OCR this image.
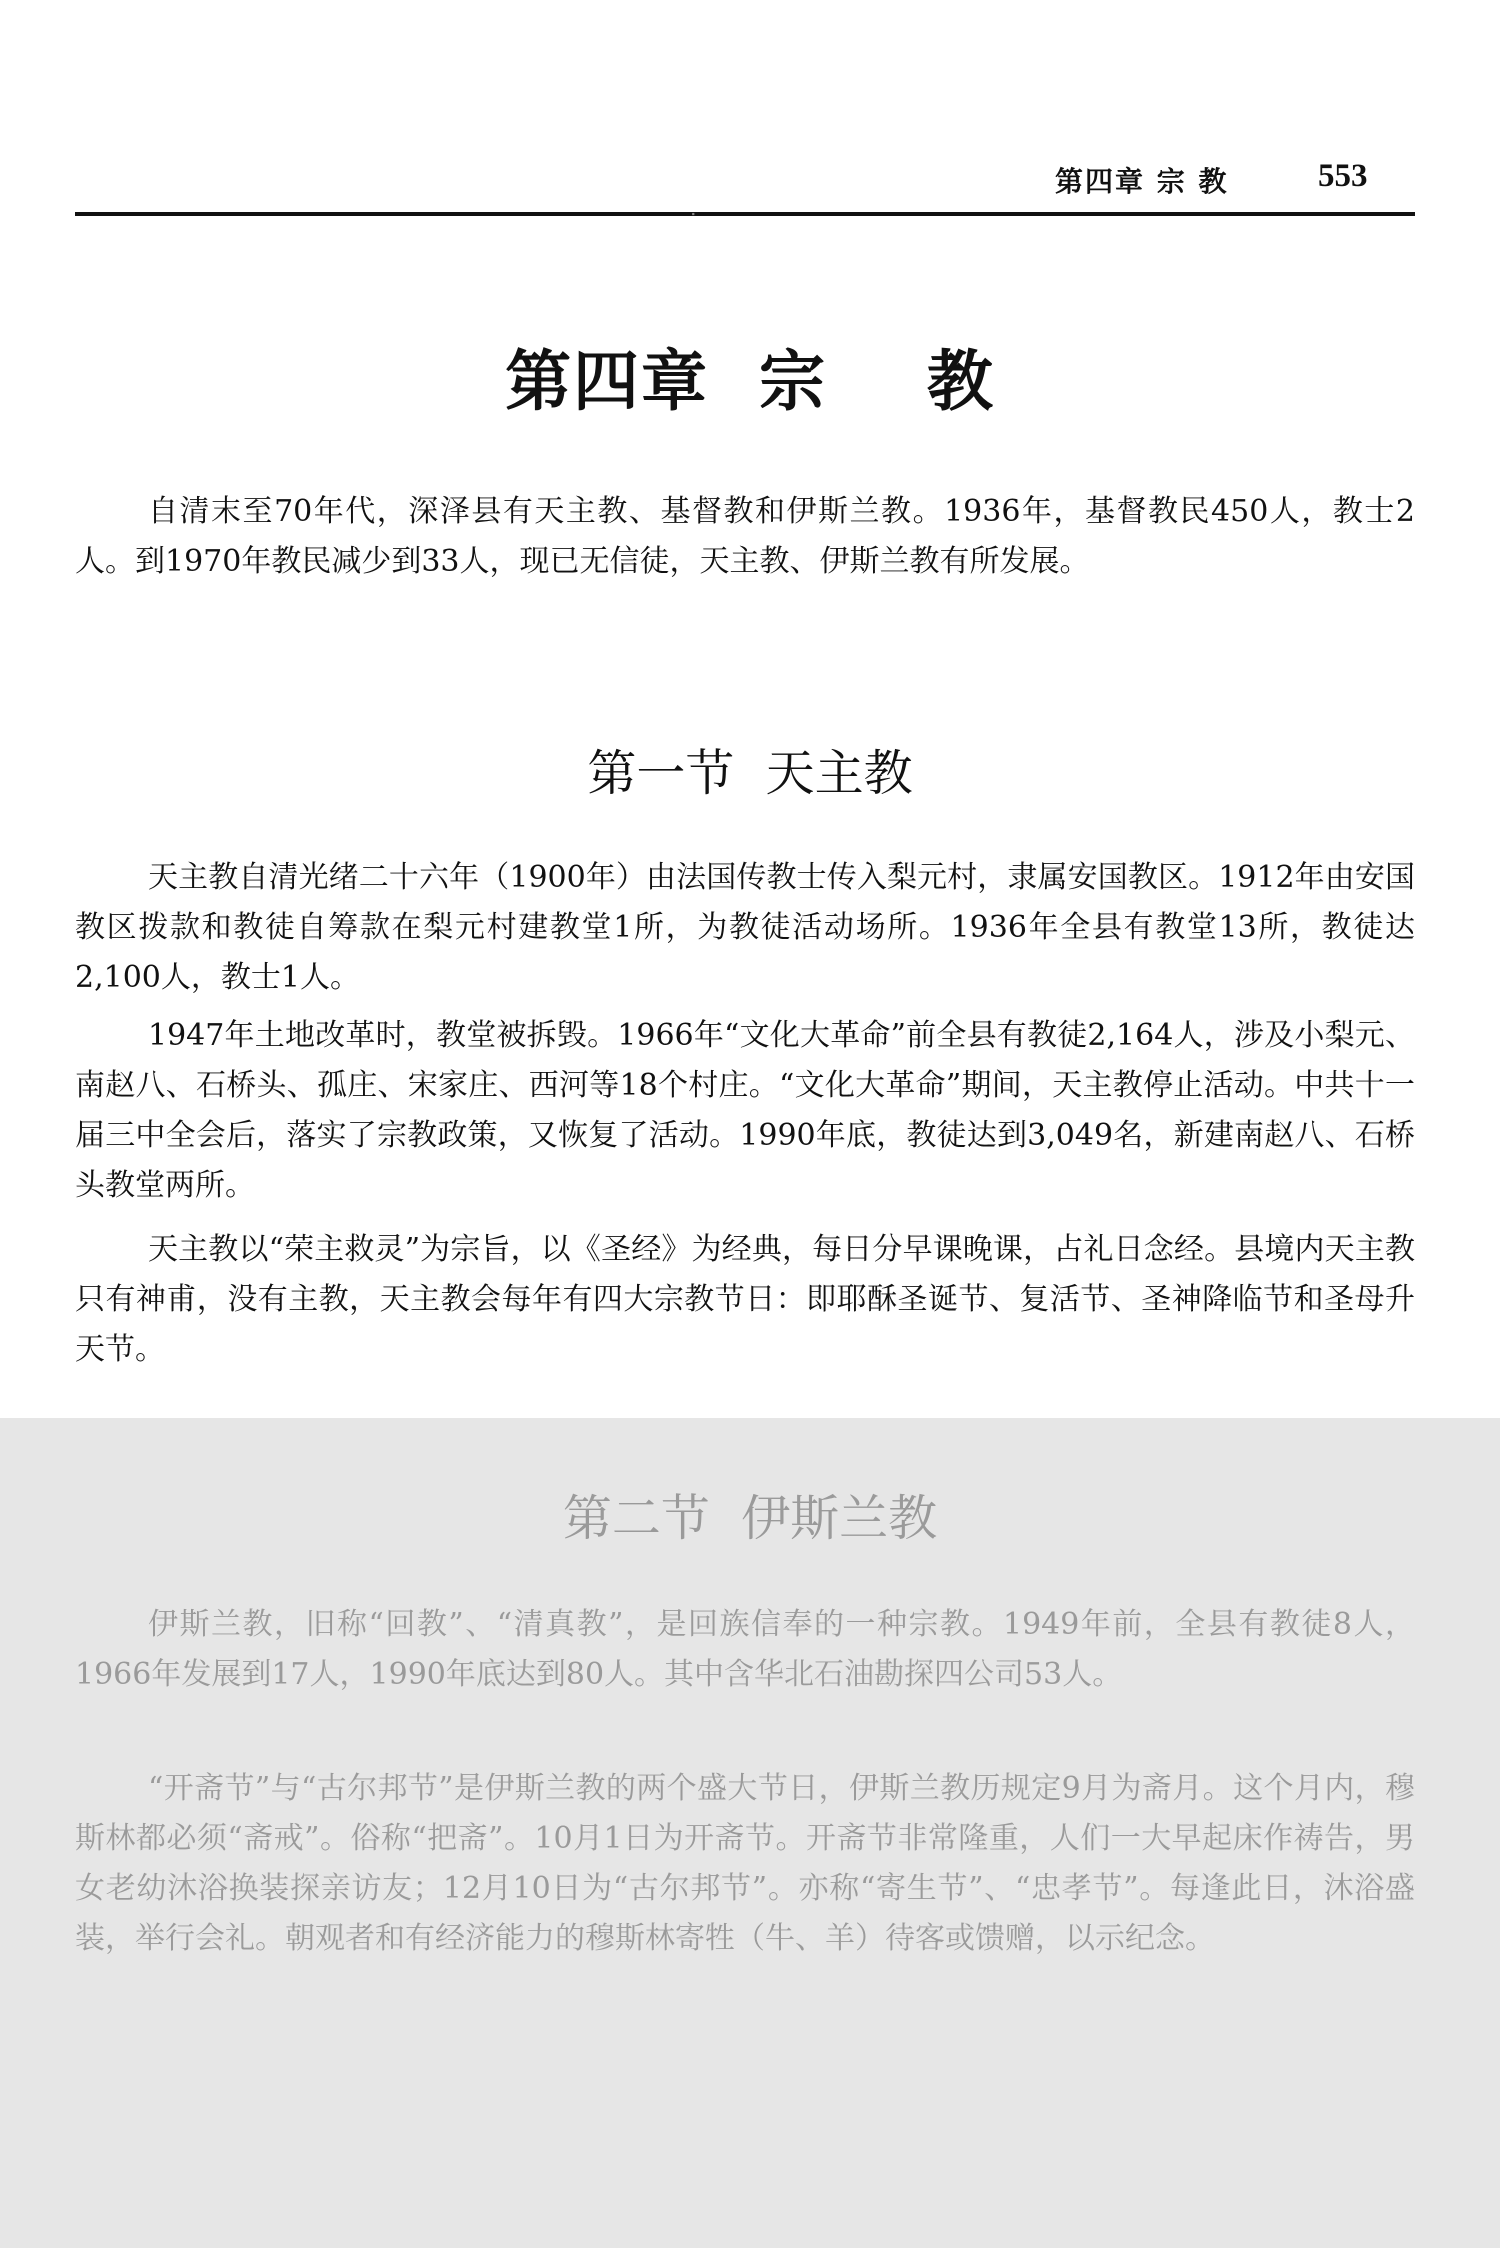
第四章 宗 教	553
ᐧ
第四章  宗    教

自清末至70年代，深泽县有天主教、基督教和伊斯兰教。1936年，基督教民450人，教士2人。到1970年教民减少到33人，现已无信徒，天主教、伊斯兰教有所发展。

第一节  天主教

天主教自清光绪二十六年（1900年）由法国传教士传入梨元村，隶属安国教区。1912年由安国教区拨款和教徒自筹款在梨元村建教堂1所，为教徒活动场所。1936年全县有教堂13所，教徒达2,100人，教士1人。

1947年土地改革时，教堂被拆毁。1966年“文化大革命”前全县有教徒2,164人，涉及小梨元、南赵八、石桥头、孤庄、宋家庄、西河等18个村庄。“文化大革命”期间，天主教停止活动。中共十一届三中全会后，落实了宗教政策，又恢复了活动。1990年底，教徒达到3,049名，新建南赵八、石桥头教堂两所。

天主教以“荣主救灵”为宗旨，以《圣经》为经典，每日分早课晚课，占礼日念经。县境内天主教只有神甫，没有主教，天主教会每年有四大宗教节日：即耶酥圣诞节、复活节、圣神降临节和圣母升天节。

第二节  伊斯兰教

伊斯兰教，旧称“回教”、“清真教”，是回族信奉的一种宗教。1949年前，全县有教徒8人，1966年发展到17人，1990年底达到80人。其中含华北石油勘探四公司53人。

“开斋节”与“古尔邦节”是伊斯兰教的两个盛大节日，伊斯兰教历规定9月为斋月。这个月内，穆斯林都必须“斋戒”。俗称“把斋”。10月1日为开斋节。开斋节非常隆重，人们一大早起床作祷告，男女老幼沐浴换装探亲访友；12月10日为“古尔邦节”。亦称“寄生节”、“忠孝节”。每逢此日，沐浴盛装，举行会礼。朝观者和有经济能力的穆斯林寄牲（牛、羊）待客或馈赠，以示纪念。
